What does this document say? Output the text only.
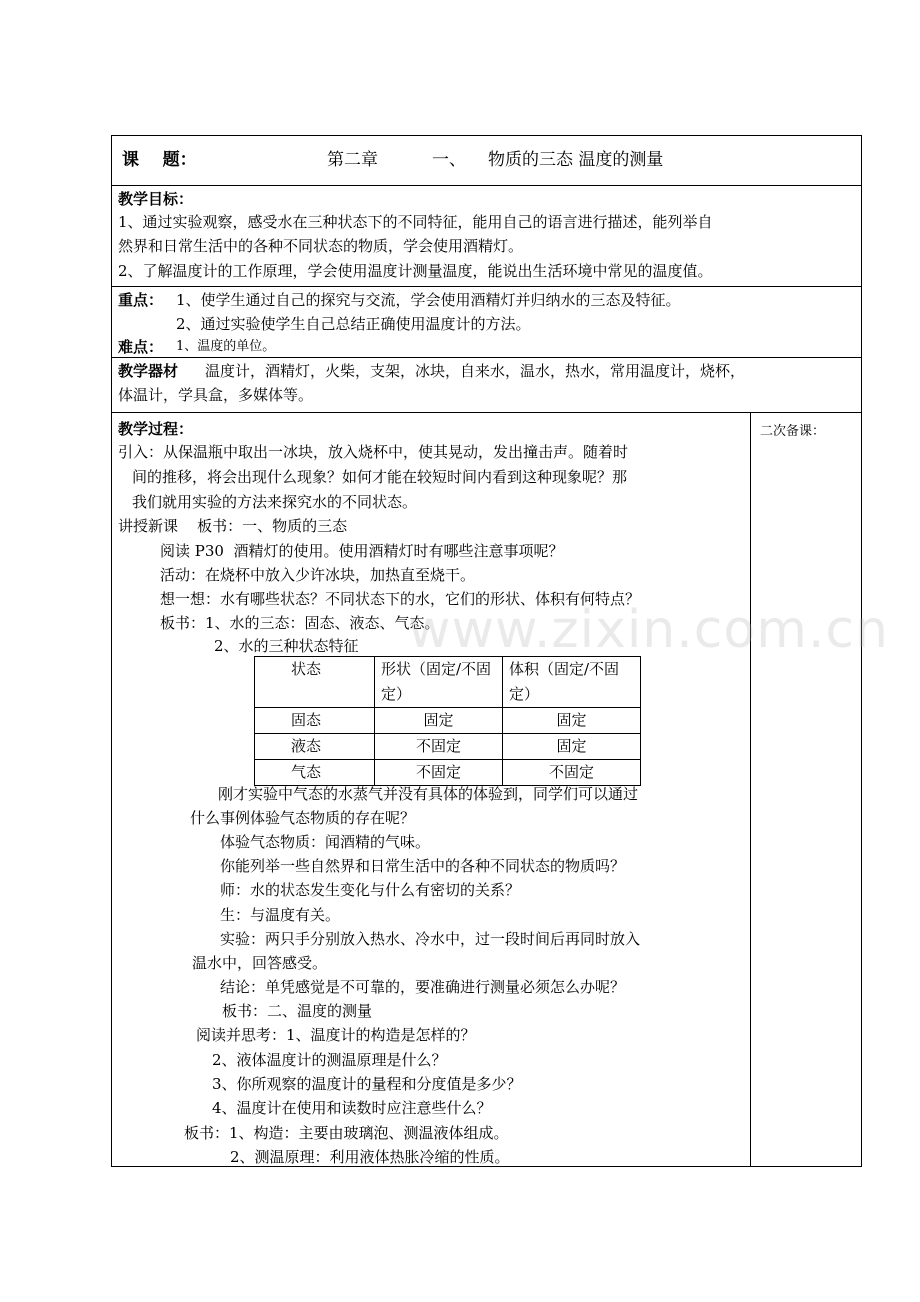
课    题：	第二章	一、 物质的三态 温度的测量
教学目标：
1、通过实验观察，感受水在三种状态下的不同特征，能用自己的语言进行描述，能列举自
然界和日常生活中的各种不同状态的物质，学会使用酒精灯。
2、了解温度计的工作原理，学会使用温度计测量温度，能说出生活环境中常见的温度值。
重点： 1、使学生通过自己的探究与交流，学会使用酒精灯并归纳水的三态及特征。
2、通过实验使学生自己总结正确使用温度计的方法。
难点： 1、温度的单位。
教学器材 温度计，酒精灯，火柴，支架，冰块，自来水，温水，热水，常用温度计，烧杯，
体温计，学具盒，多媒体等。
二次备课：
教学过程：
引入：从保温瓶中取出一冰块，放入烧杯中，使其晃动，发出撞击声。随着时
间的推移，将会出现什么现象？如何才能在较短时间内看到这种现象呢？那
我们就用实验的方法来探究水的不同状态。
讲授新课    板书：一、物质的三态
阅读 P30  酒精灯的使用。使用酒精灯时有哪些注意事项呢？
活动：在烧杯中放入少许冰块，加热直至烧干。
想一想：水有哪些状态？不同状态下的水，它们的形状、体积有何特点？
板书：1、水的三态：固态、液态、气态。
2、水的三种状态特征
状态	形状（固定/不固定）	体积（固定/不固定）
固态	固定	固定
液态	不固定	固定
气态	不固定	不固定
刚才实验中气态的水蒸气并没有具体的体验到，同学们可以通过
什么事例体验气态物质的存在呢？
体验气态物质：闻酒精的气味。
你能列举一些自然界和日常生活中的各种不同状态的物质吗？
师：水的状态发生变化与什么有密切的关系？
生：与温度有关。
实验：两只手分别放入热水、冷水中，过一段时间后再同时放入
温水中，回答感受。
结论：单凭感觉是不可靠的，要准确进行测量必须怎么办呢？
板书：二、温度的测量
阅读并思考：1、温度计的构造是怎样的？
2、液体温度计的测温原理是什么？
3、你所观察的温度计的量程和分度值是多少？
4、温度计在使用和读数时应注意些什么？
板书：1、构造：主要由玻璃泡、测温液体组成。
2、测温原理：利用液体热胀冷缩的性质。
www.zixin.com.cn
